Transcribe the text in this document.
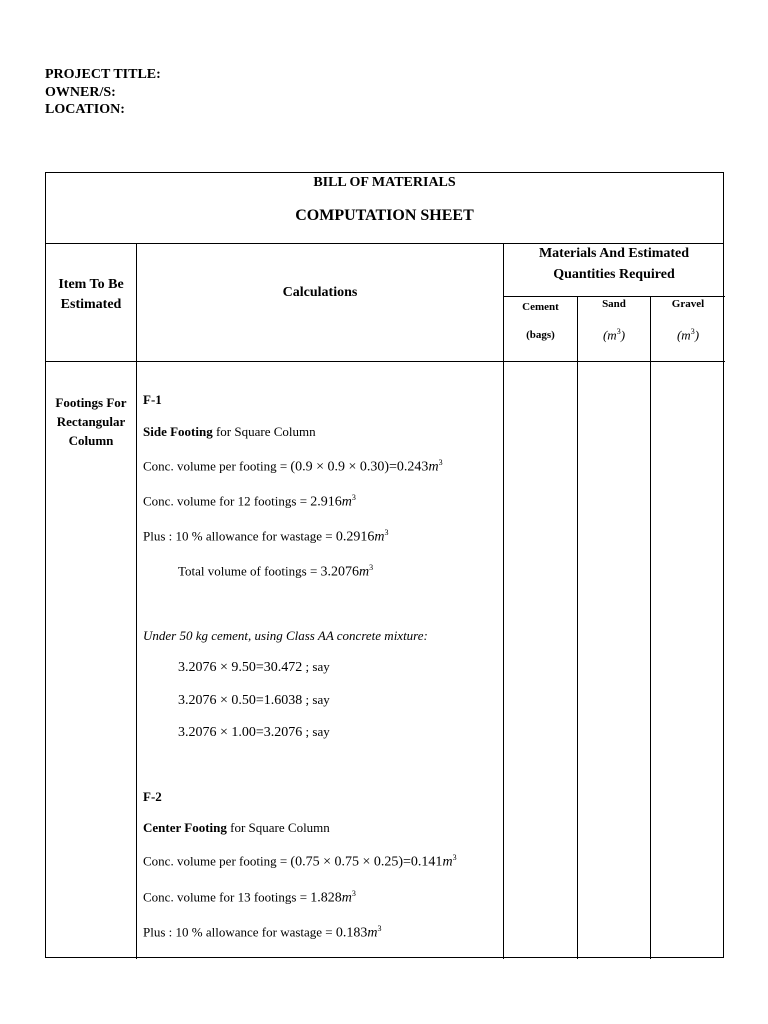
PROJECT TITLE:
OWNER/S:
LOCATION:
BILL OF MATERIALS
COMPUTATION SHEET
Item To Be
Estimated
Calculations
Materials And Estimated
Quantities Required
Cement
(bags)
Sand
$(m^3)$
Gravel
$(m^3)$
Footings For
Rectangular
Column
F-1
Side Footing for Square Column
Conc. volume per footing = $(0.9 \times 0.9 \times 0.30)=0.243m^3$
Conc. volume for 12 footings = $2.916m^3$
Plus : 10 % allowance for wastage = $0.2916m^3$
Total volume of footings = $3.2076m^3$
Under 50 kg cement, using Class AA concrete mixture:
3.2076 × 9.50=30.472 ; say
3.2076 × 0.50=1.6038 ; say
3.2076 × 1.00=3.2076 ; say
F-2
Center Footing for Square Column
Conc. volume per footing = $(0.75 \times 0.75 \times 0.25)=0.141m^3$
Conc. volume for 13 footings = $1.828m^3$
Plus : 10 % allowance for wastage = $0.183m^3$
